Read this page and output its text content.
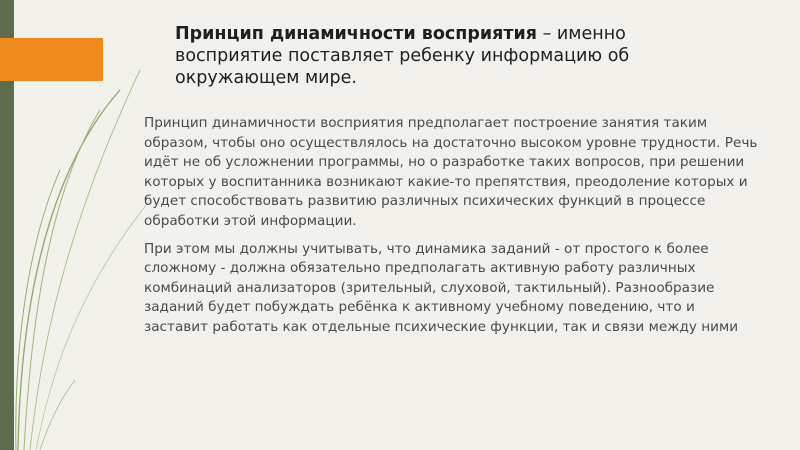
Принцип динамичности восприятия – именно восприятие поставляет ребенку информацию об окружающем мире.

Принцип динамичности восприятия предполагает построение занятия таким образом, чтобы оно осуществлялось на достаточно высоком уровне трудности. Речь идёт не об усложнении программы, но о разработке таких вопросов, при решении которых у воспитанника возникают какие-то препятствия, преодоление которых и будет способствовать развитию различных психических функций в процессе обработки этой информации.

При этом мы должны учитывать, что динамика заданий - от простого к более сложному - должна обязательно предполагать активную работу различных комбинаций анализаторов (зрительный, слуховой, тактильный). Разнообразие заданий будет побуждать ребёнка к активному учебному поведению, что и заставит работать как отдельные психические функции, так и связи между ними
